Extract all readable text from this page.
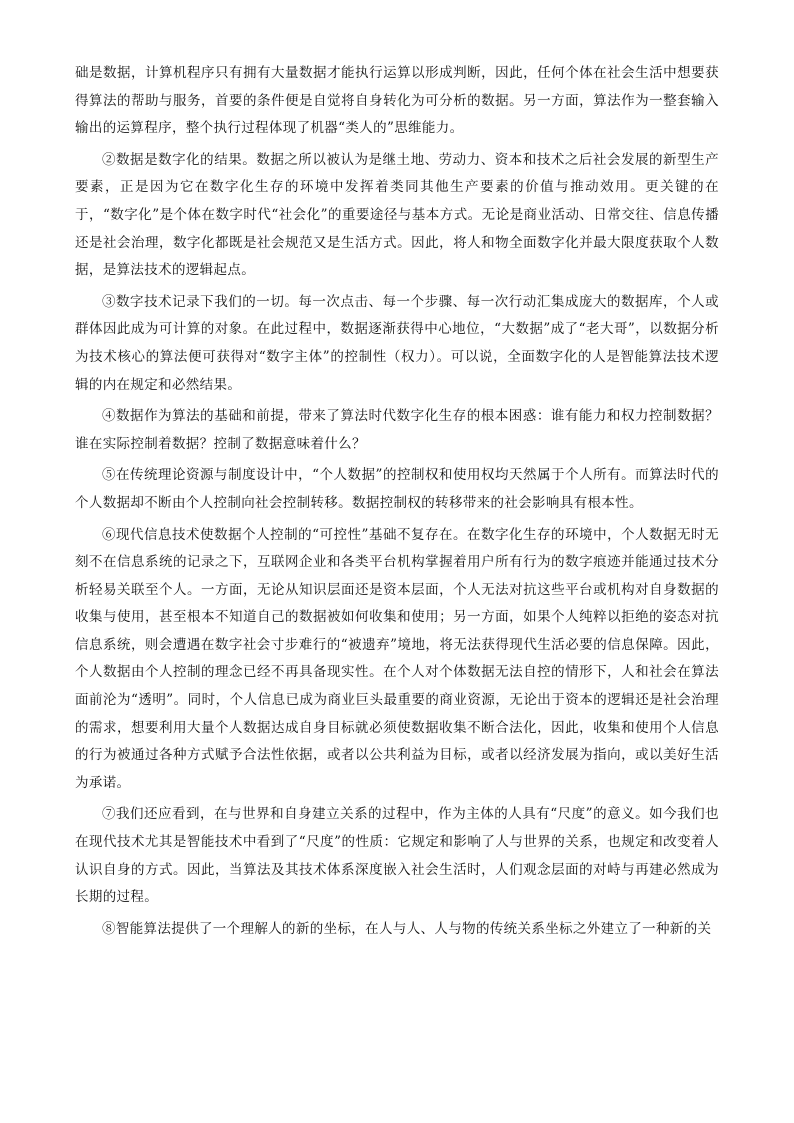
础是数据，计算机程序只有拥有大量数据才能执行运算以形成判断，因此，任何个体在社会生活中想要获得算法的帮助与服务，首要的条件便是自觉将自身转化为可分析的数据。另一方面，算法作为一整套输入输出的运算程序，整个执行过程体现了机器“类人的”思维能力。

②数据是数字化的结果。数据之所以被认为是继土地、劳动力、资本和技术之后社会发展的新型生产要素，正是因为它在数字化生存的环境中发挥着类同其他生产要素的价值与推动效用。更关键的在于，“数字化”是个体在数字时代“社会化”的重要途径与基本方式。无论是商业活动、日常交往、信息传播还是社会治理，数字化都既是社会规范又是生活方式。因此，将人和物全面数字化并最大限度获取个人数据，是算法技术的逻辑起点。

③数字技术记录下我们的一切。每一次点击、每一个步骤、每一次行动汇集成庞大的数据库，个人或群体因此成为可计算的对象。在此过程中，数据逐渐获得中心地位，“大数据”成了“老大哥”，以数据分析为技术核心的算法便可获得对“数字主体”的控制性（权力）。可以说，全面数字化的人是智能算法技术逻辑的内在规定和必然结果。

④数据作为算法的基础和前提，带来了算法时代数字化生存的根本困惑：谁有能力和权力控制数据？谁在实际控制着数据？控制了数据意味着什么？

⑤在传统理论资源与制度设计中，“个人数据”的控制权和使用权均天然属于个人所有。而算法时代的个人数据却不断由个人控制向社会控制转移。数据控制权的转移带来的社会影响具有根本性。

⑥现代信息技术使数据个人控制的“可控性”基础不复存在。在数字化生存的环境中，个人数据无时无刻不在信息系统的记录之下，互联网企业和各类平台机构掌握着用户所有行为的数字痕迹并能通过技术分析轻易关联至个人。一方面，无论从知识层面还是资本层面，个人无法对抗这些平台或机构对自身数据的收集与使用，甚至根本不知道自己的数据被如何收集和使用；另一方面，如果个人纯粹以拒绝的姿态对抗信息系统，则会遭遇在数字社会寸步难行的“被遗弃”境地，将无法获得现代生活必要的信息保障。因此，个人数据由个人控制的理念已经不再具备现实性。在个人对个体数据无法自控的情形下，人和社会在算法面前沦为“透明”。同时，个人信息已成为商业巨头最重要的商业资源，无论出于资本的逻辑还是社会治理的需求，想要利用大量个人数据达成自身目标就必须使数据收集不断合法化，因此，收集和使用个人信息的行为被通过各种方式赋予合法性依据，或者以公共利益为目标，或者以经济发展为指向，或以美好生活为承诺。

⑦我们还应看到，在与世界和自身建立关系的过程中，作为主体的人具有“尺度”的意义。如今我们也在现代技术尤其是智能技术中看到了“尺度”的性质：它规定和影响了人与世界的关系，也规定和改变着人认识自身的方式。因此，当算法及其技术体系深度嵌入社会生活时，人们观念层面的对峙与再建必然成为长期的过程。

⑧智能算法提供了一个理解人的新的坐标，在人与人、人与物的传统关系坐标之外建立了一种新的关
